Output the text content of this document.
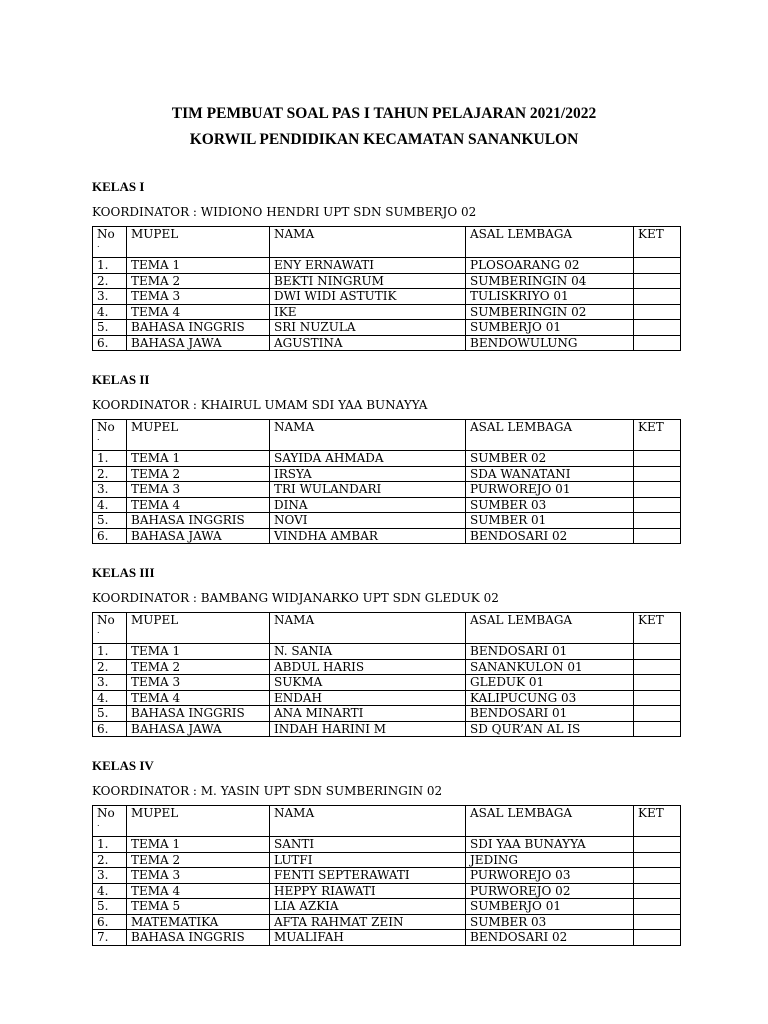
TIM PEMBUAT SOAL PAS I TAHUN PELAJARAN 2021/2022
KORWIL PENDIDIKAN KECAMATAN SANANKULON
KELAS I
KOORDINATOR : WIDIONO HENDRI UPT SDN SUMBERJO 02
No
.	MUPEL	NAMA	ASAL LEMBAGA	KET
1.	TEMA 1	ENY ERNAWATI	PLOSOARANG 02	
2.	TEMA 2	BEKTI NINGRUM	SUMBERINGIN 04	
3.	TEMA 3	DWI WIDI ASTUTIK	TULISKRIYO 01	
4.	TEMA 4	IKE	SUMBERINGIN 02	
5.	BAHASA INGGRIS	SRI NUZULA	SUMBERJO 01	
6.	BAHASA JAWA	AGUSTINA	BENDOWULUNG	
KELAS II
KOORDINATOR : KHAIRUL UMAM SDI YAA BUNAYYA
No
.	MUPEL	NAMA	ASAL LEMBAGA	KET
1.	TEMA 1	SAYIDA AHMADA	SUMBER 02	
2.	TEMA 2	IRSYA	SDA WANATANI	
3.	TEMA 3	TRI WULANDARI	PURWOREJO 01	
4.	TEMA 4	DINA	SUMBER 03	
5.	BAHASA INGGRIS	NOVI	SUMBER 01	
6.	BAHASA JAWA	VINDHA AMBAR	BENDOSARI 02	
KELAS III
KOORDINATOR : BAMBANG WIDJANARKO UPT SDN GLEDUK 02
No
.	MUPEL	NAMA	ASAL LEMBAGA	KET
1.	TEMA 1	N. SANIA	BENDOSARI 01	
2.	TEMA 2	ABDUL HARIS	SANANKULON 01	
3.	TEMA 3	SUKMA	GLEDUK 01	
4.	TEMA 4	ENDAH	KALIPUCUNG 03	
5.	BAHASA INGGRIS	ANA MINARTI	BENDOSARI 01	
6.	BAHASA JAWA	INDAH HARINI M	SD QUR’AN AL IS	
KELAS IV
KOORDINATOR : M. YASIN UPT SDN SUMBERINGIN 02
No
.	MUPEL	NAMA	ASAL LEMBAGA	KET
1.	TEMA 1	SANTI	SDI YAA BUNAYYA	
2.	TEMA 2	LUTFI	JEDING	
3.	TEMA 3	FENTI SEPTERAWATI	PURWOREJO 03	
4.	TEMA 4	HEPPY RIAWATI	PURWOREJO 02	
5.	TEMA 5	LIA AZKIA	SUMBERJO 01	
6.	MATEMATIKA	AFTA RAHMAT ZEIN	SUMBER 03	
7.	BAHASA INGGRIS	MUALIFAH	BENDOSARI 02	
